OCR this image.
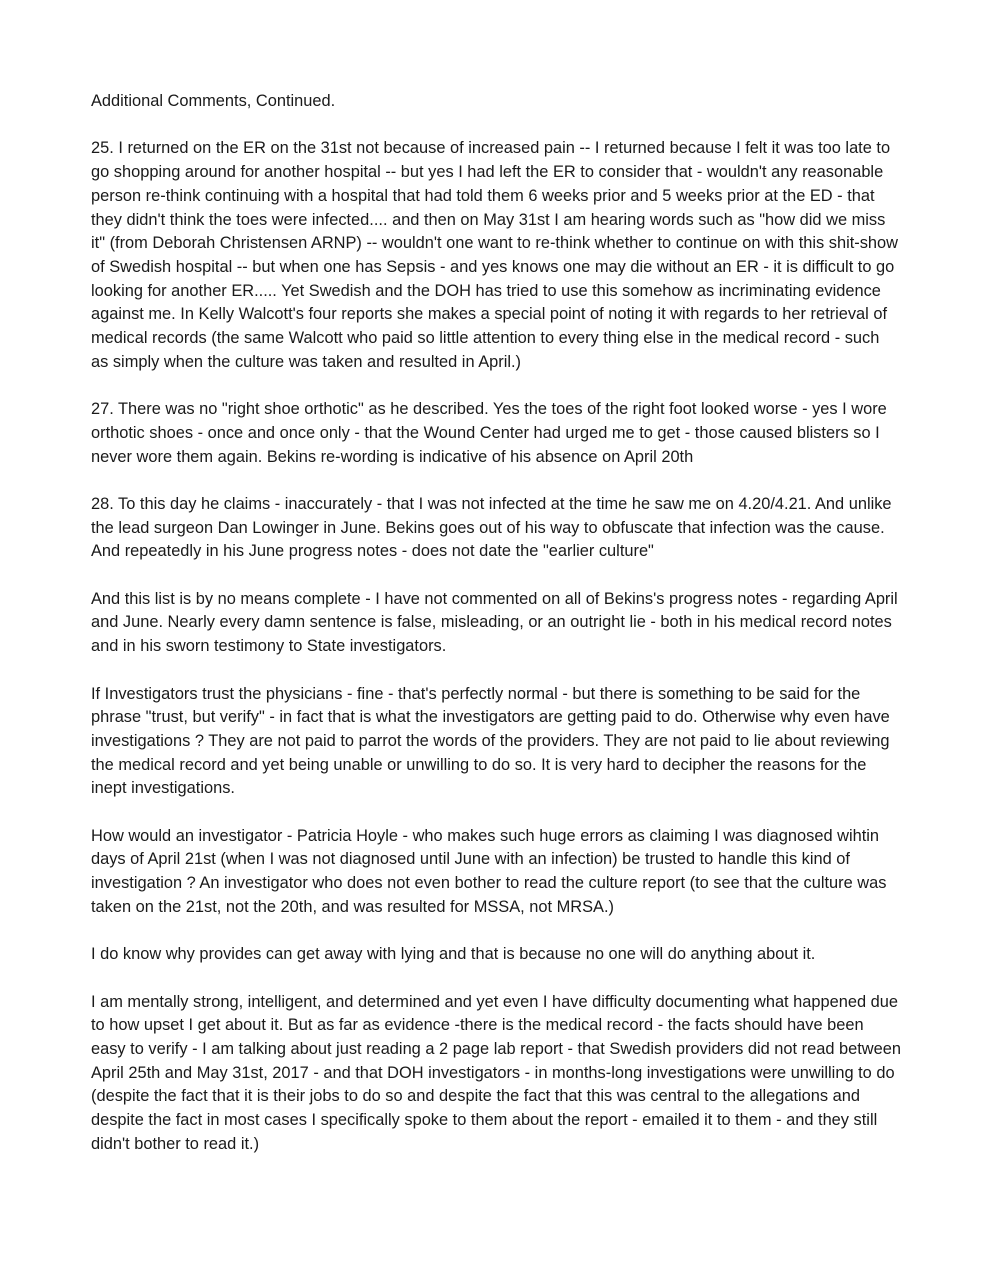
Additional Comments, Continued.

25. I returned on the ER on the 31st not because of increased pain -- I returned because I felt it was too late to go shopping around for another hospital -- but yes I had left the ER to consider that - wouldn't any reasonable person re-think continuing with a hospital that had told them 6 weeks prior and 5 weeks prior at the ED - that they didn't think the toes were infected.... and then on May 31st I am hearing words such as "how did we miss it" (from Deborah Christensen ARNP) -- wouldn't one want to re-think whether to continue on with this shit-show of Swedish hospital -- but when one has Sepsis - and yes knows one may die without an ER - it is difficult to go looking for another ER..... Yet Swedish and the DOH has tried to use this somehow as incriminating evidence against me. In Kelly Walcott's four reports she makes a special point of noting it with regards to her retrieval of medical records (the same Walcott who paid so little attention to every thing else in the medical record - such as simply when the culture was taken and resulted in April.)

27. There was no "right shoe orthotic" as he described. Yes the toes of the right foot looked worse - yes I wore orthotic shoes - once and once only - that the Wound Center had urged me to get - those caused blisters so I never wore them again. Bekins re-wording is indicative of his absence on April 20th

28. To this day he claims - inaccurately - that I was not infected at the time he saw me on 4.20/4.21. And unlike the lead surgeon Dan Lowinger in June. Bekins goes out of his way to obfuscate that infection was the cause. And repeatedly in his June progress notes - does not date the "earlier culture"

And this list is by no means complete - I have not commented on all of Bekins's progress notes - regarding April and June. Nearly every damn sentence is false, misleading, or an outright lie - both in his medical record notes and in his sworn testimony to State investigators.

If Investigators trust the physicians - fine - that's perfectly normal - but there is something to be said for the phrase "trust, but verify" - in fact that is what the investigators are getting paid to do. Otherwise why even have investigations ? They are not paid to parrot the words of the providers. They are not paid to lie about reviewing the medical record and yet being unable or unwilling to do so. It is very hard to decipher the reasons for the inept investigations.

How would an investigator - Patricia Hoyle - who makes such huge errors as claiming I was diagnosed wihtin days of April 21st (when I was not diagnosed until June with an infection) be trusted to handle this kind of investigation ? An investigator who does not even bother to read the culture report (to see that the culture was taken on the 21st, not the 20th, and was resulted for MSSA, not MRSA.)

I do know why provides can get away with lying and that is because no one will do anything about it.

I am mentally strong, intelligent, and determined and yet even I have difficulty documenting what happened due to how upset I get about it. But as far as evidence -there is the medical record - the facts should have been easy to verify - I am talking about just reading a 2 page lab report - that Swedish providers did not read between April 25th and May 31st, 2017 - and that DOH investigators - in months-long investigations were unwilling to do (despite the fact that it is their jobs to do so and despite the fact that this was central to the allegations and despite the fact in most cases I specifically spoke to them about the report - emailed it to them - and they still didn't bother to read it.)
